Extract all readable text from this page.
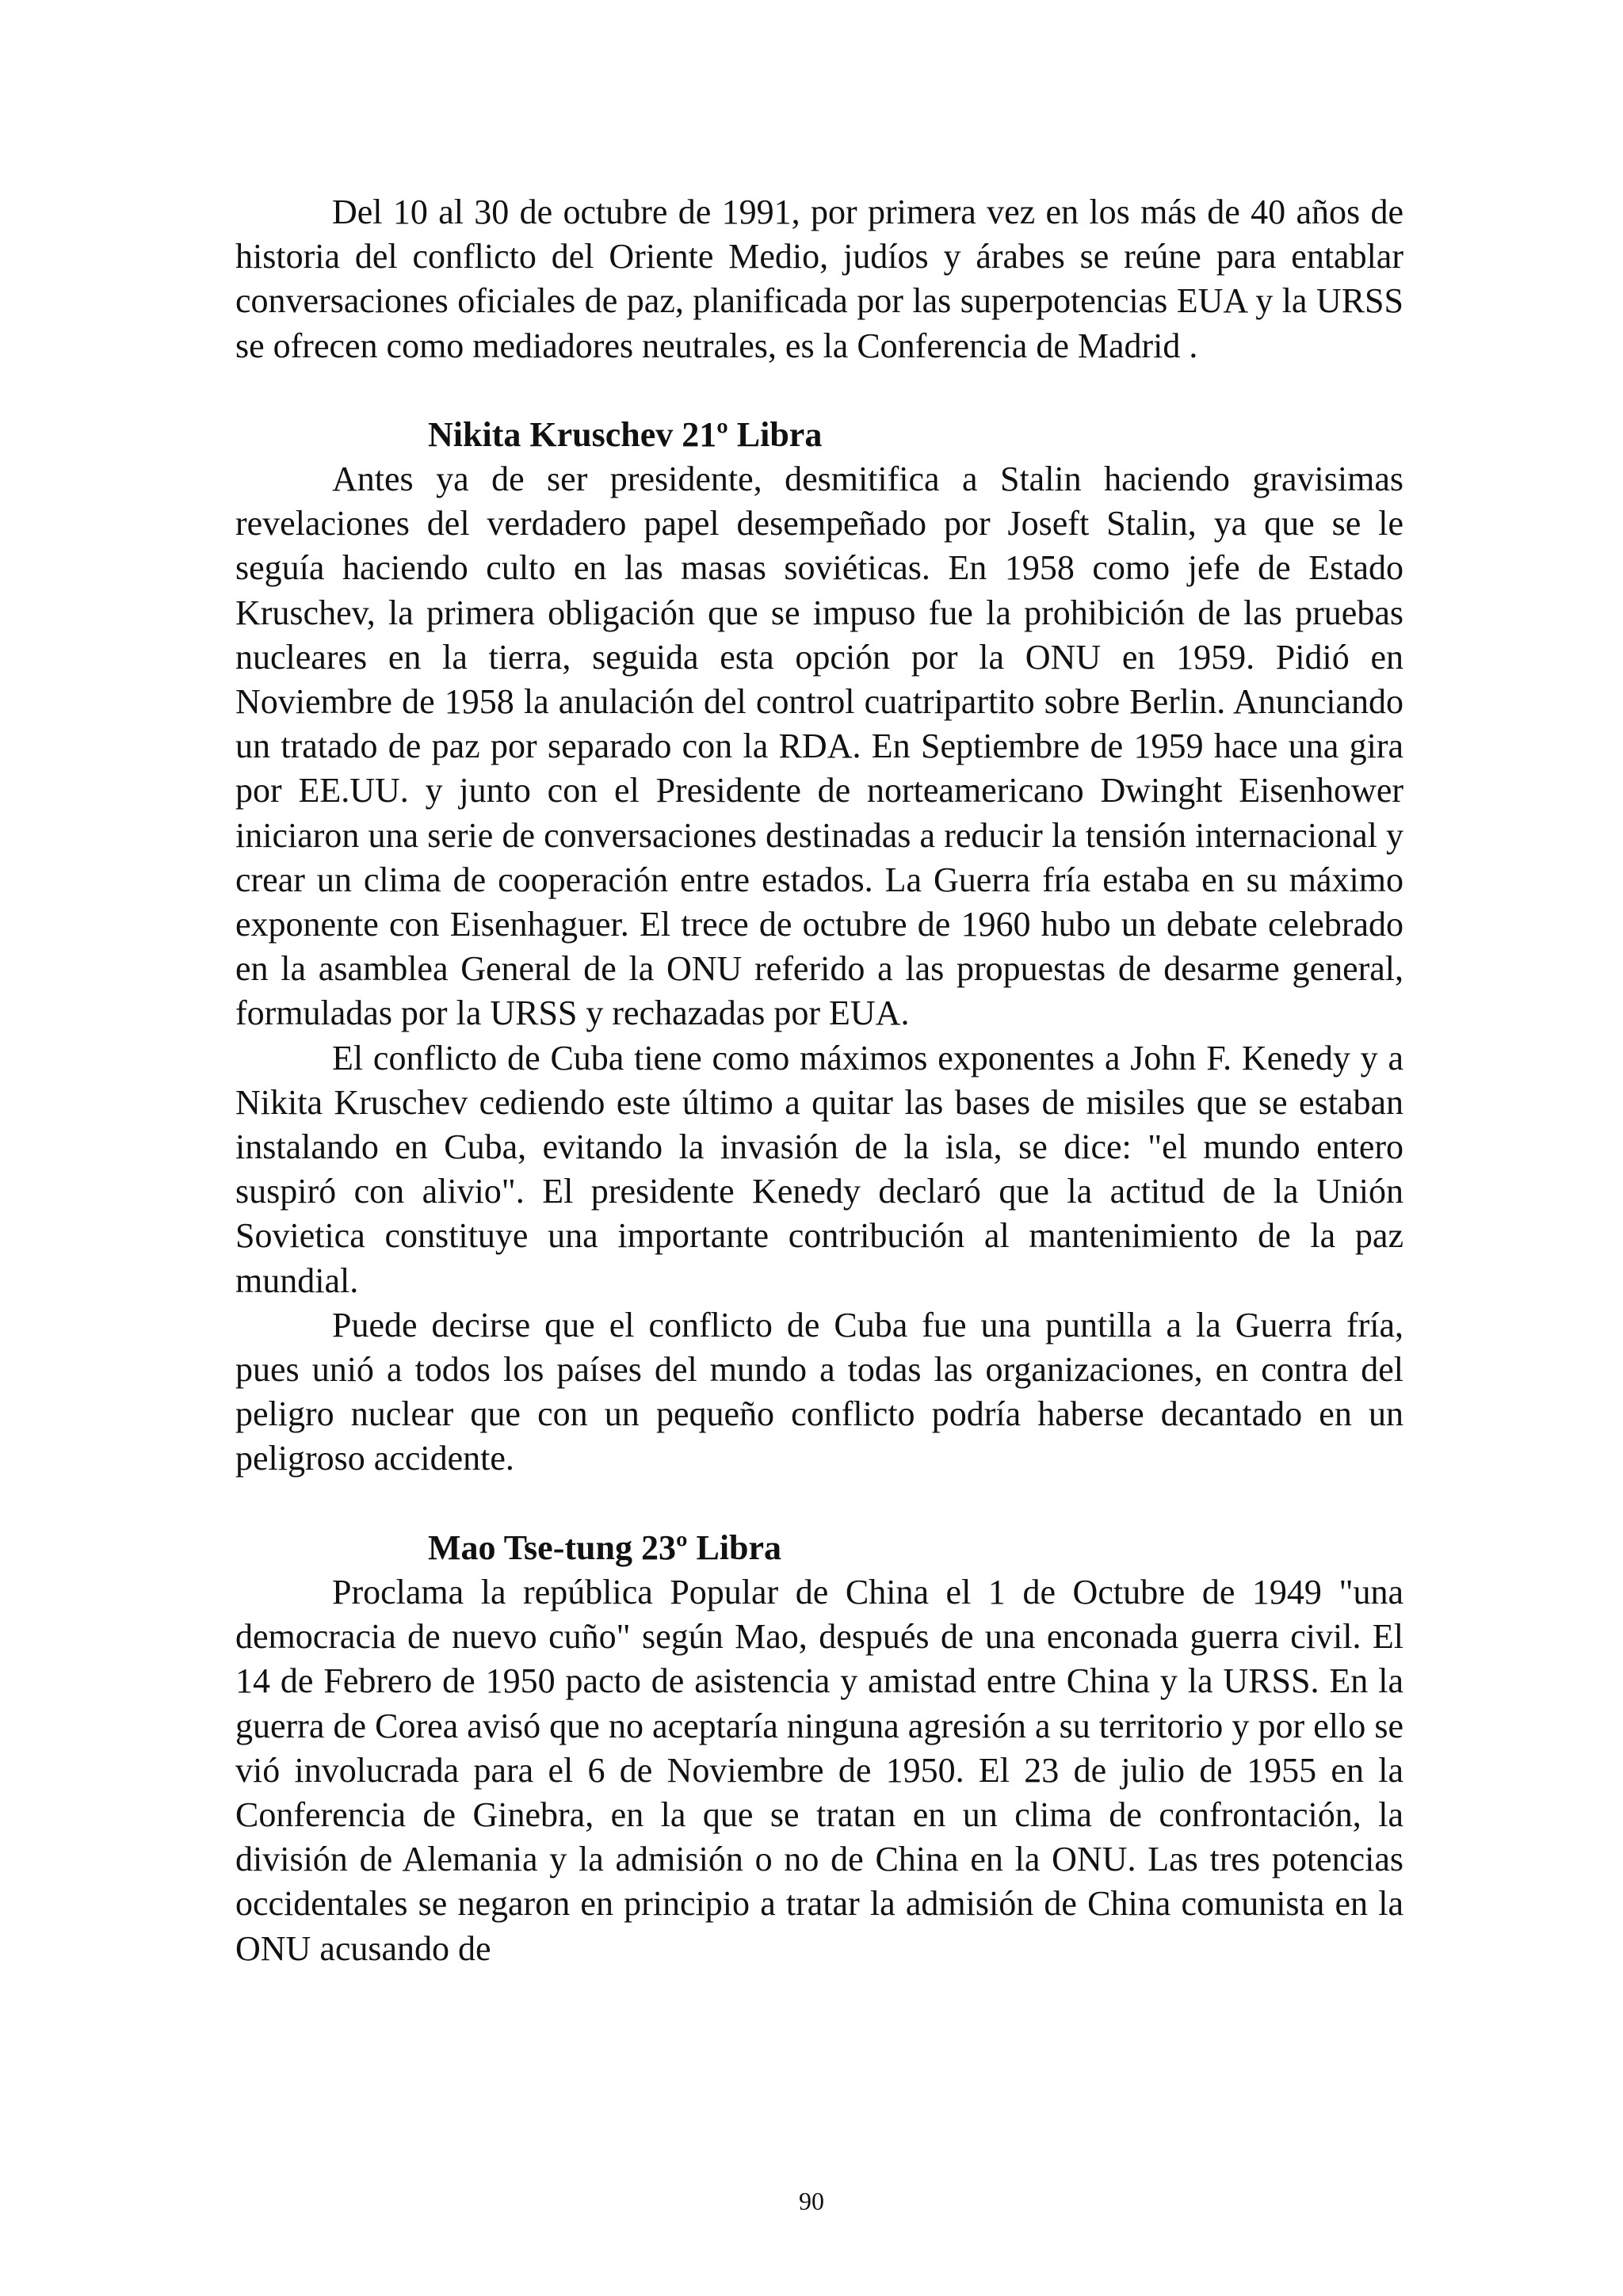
Del 10 al 30 de octubre de 1991, por primera vez en los más de 40 años de historia del conflicto del Oriente Medio, judíos y árabes se reúne para entablar conversaciones oficiales de paz, planificada por las superpotencias EUA y la URSS se ofrecen como mediadores neutrales, es la Conferencia de Madrid .

Nikita Kruschev 21º Libra

Antes ya de ser presidente, desmitifica a Stalin haciendo gravisimas revelaciones del verdadero papel desempeñado por Joseft Stalin, ya que se le seguía haciendo culto en las masas soviéticas. En 1958 como jefe de Estado Kruschev, la primera obligación que se impuso fue la prohibición de las pruebas nucleares en la tierra, seguida esta opción por la ONU en 1959. Pidió en Noviembre de 1958 la anulación del control cuatripartito sobre Berlin. Anunciando un tratado de paz por separado con la RDA. En Septiembre de 1959 hace una gira por EE.UU. y junto con el Presidente de norteamericano Dwinght Eisenhower iniciaron una serie de conversaciones destinadas a reducir la tensión internacional y crear un clima de cooperación entre estados. La Guerra fría estaba en su máximo exponente con Eisenhaguer. El trece de octubre de 1960 hubo un debate celebrado en la asamblea General de la ONU referido a las propuestas de desarme general, formuladas por la URSS y rechazadas por EUA.

El conflicto de Cuba tiene como máximos exponentes a John F. Kenedy y a Nikita Kruschev cediendo este último a quitar las bases de misiles que se estaban instalando en Cuba, evitando la invasión de la isla, se dice: "el mundo entero suspiró con alivio". El presidente Kenedy declaró que la actitud de la Unión Sovietica constituye una importante contribución al mantenimiento de la paz mundial.

Puede decirse que el conflicto de Cuba fue una puntilla a la Guerra fría, pues unió a todos los países del mundo a todas las organizaciones, en contra del peligro nuclear que con un pequeño conflicto podría haberse decantado en un peligroso accidente.

Mao Tse-tung 23º Libra

Proclama la república Popular de China el 1 de Octubre de 1949 "una democracia de nuevo cuño" según Mao, después de una enconada guerra civil. El 14 de Febrero de 1950 pacto de asistencia y amistad entre China y la URSS. En la guerra de Corea avisó que no aceptaría ninguna agresión a su territorio y por ello se vió involucrada para el 6 de Noviembre de 1950. El 23 de julio de 1955 en la Conferencia de Ginebra, en la que se tratan en un clima de confrontación, la división de Alemania y la admisión o no de China en la ONU. Las tres potencias occidentales se negaron en principio a tratar la admisión de China comunista en la ONU acusando de

90
